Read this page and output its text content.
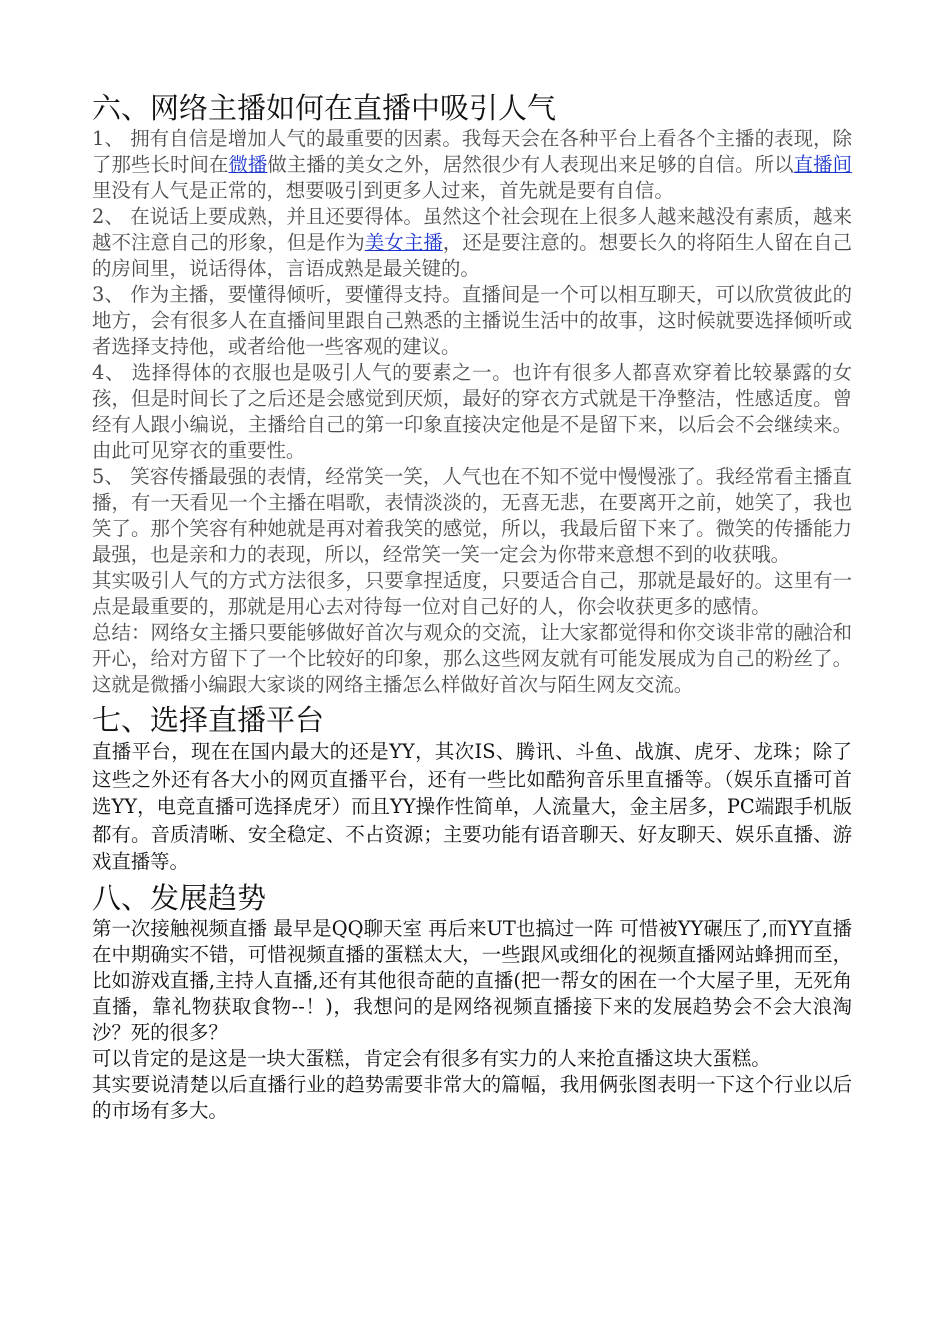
六、网络主播如何在直播中吸引人气

1、 拥有自信是增加人气的最重要的因素。我每天会在各种平台上看各个主播的表现，除了那些长时间在微播做主播的美女之外，居然很少有人表现出来足够的自信。所以直播间里没有人气是正常的，想要吸引到更多人过来，首先就是要有自信。

2、 在说话上要成熟，并且还要得体。虽然这个社会现在上很多人越来越没有素质，越来越不注意自己的形象，但是作为美女主播，还是要注意的。想要长久的将陌生人留在自己的房间里，说话得体，言语成熟是最关键的。

3、 作为主播，要懂得倾听，要懂得支持。直播间是一个可以相互聊天，可以欣赏彼此的地方，会有很多人在直播间里跟自己熟悉的主播说生活中的故事，这时候就要选择倾听或者选择支持他，或者给他一些客观的建议。

4、 选择得体的衣服也是吸引人气的要素之一。也许有很多人都喜欢穿着比较暴露的女孩，但是时间长了之后还是会感觉到厌烦，最好的穿衣方式就是干净整洁，性感适度。曾经有人跟小编说，主播给自己的第一印象直接决定他是不是留下来，以后会不会继续来。由此可见穿衣的重要性。

5、 笑容传播最强的表情，经常笑一笑，人气也在不知不觉中慢慢涨了。我经常看主播直播，有一天看见一个主播在唱歌，表情淡淡的，无喜无悲，在要离开之前，她笑了，我也笑了。那个笑容有种她就是再对着我笑的感觉，所以，我最后留下来了。微笑的传播能力最强，也是亲和力的表现，所以，经常笑一笑一定会为你带来意想不到的收获哦。

其实吸引人气的方式方法很多，只要拿捏适度，只要适合自己，那就是最好的。这里有一点是最重要的，那就是用心去对待每一位对自己好的人，你会收获更多的感情。

总结：网络女主播只要能够做好首次与观众的交流，让大家都觉得和你交谈非常的融洽和开心，给对方留下了一个比较好的印象，那么这些网友就有可能发展成为自己的粉丝了。这就是微播小编跟大家谈的网络主播怎么样做好首次与陌生网友交流。

七、选择直播平台

直播平台，现在在国内最大的还是YY，其次IS、腾讯、斗鱼、战旗、虎牙、龙珠；除了这些之外还有各大小的网页直播平台，还有一些比如酷狗音乐里直播等。（娱乐直播可首选YY，电竞直播可选择虎牙）而且YY操作性简单，人流量大，金主居多，PC端跟手机版都有。音质清晰、安全稳定、不占资源；主要功能有语音聊天、好友聊天、娱乐直播、游戏直播等。

八、发展趋势

第一次接触视频直播 最早是QQ聊天室 再后来UT也搞过一阵 可惜被YY碾压了,而YY直播在中期确实不错，可惜视频直播的蛋糕太大，一些跟风或细化的视频直播网站蜂拥而至，比如游戏直播,主持人直播,还有其他很奇葩的直播(把一帮女的困在一个大屋子里，无死角直播，靠礼物获取食物--！)，我想问的是网络视频直播接下来的发展趋势会不会大浪淘沙？死的很多？

可以肯定的是这是一块大蛋糕，肯定会有很多有实力的人来抢直播这块大蛋糕。

其实要说清楚以后直播行业的趋势需要非常大的篇幅，我用俩张图表明一下这个行业以后的市场有多大。
